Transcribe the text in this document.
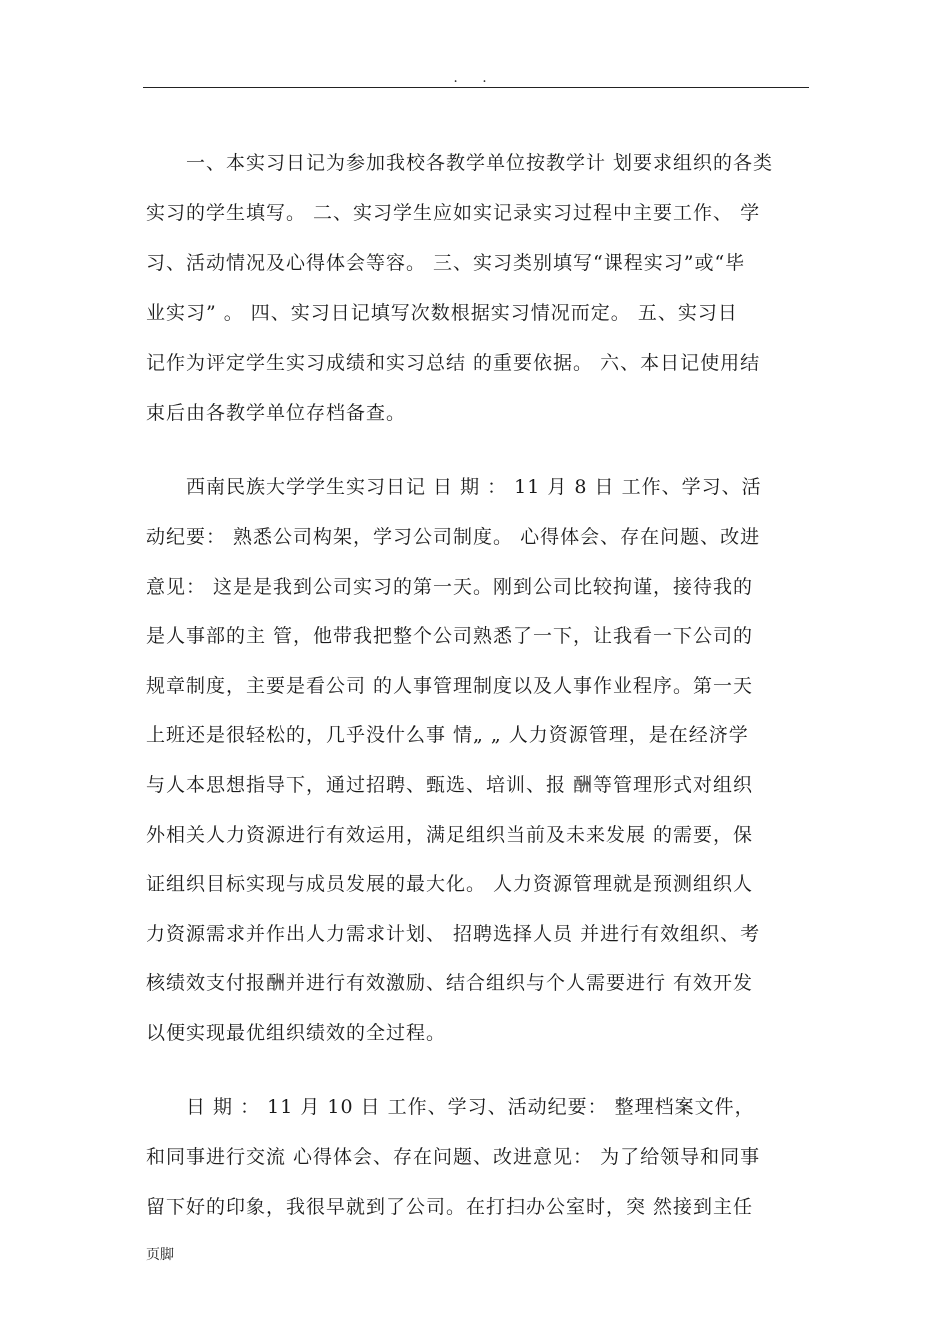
. .
　　一、本实习日记为参加我校各教学单位按教学计 划要求组织的各类
实习的学生填写。 二、实习学生应如实记录实习过程中主要工作、 学
习、活动情况及心得体会等容。 三、实习类别填写“课程实习”或“毕
业实习” 。 四、实习日记填写次数根据实习情况而定。 五、实习日
记作为评定学生实习成绩和实习总结 的重要依据。 六、本日记使用结
束后由各教学单位存档备查。
　　西南民族大学学生实习日记 日 期 ： 11 月 8 日 工作、学习、活
动纪要： 熟悉公司构架，学习公司制度。 心得体会、存在问题、改进
意见： 这是是我到公司实习的第一天。刚到公司比较拘谨，接待我的
是人事部的主 管，他带我把整个公司熟悉了一下，让我看一下公司的
规章制度，主要是看公司 的人事管理制度以及人事作业程序。第一天
上班还是很轻松的，几乎没什么事 情„ „ 人力资源管理，是在经济学
与人本思想指导下，通过招聘、甄选、培训、报 酬等管理形式对组织
外相关人力资源进行有效运用，满足组织当前及未来发展 的需要，保
证组织目标实现与成员发展的最大化。 人力资源管理就是预测组织人
力资源需求并作出人力需求计划、 招聘选择人员 并进行有效组织、考
核绩效支付报酬并进行有效激励、结合组织与个人需要进行 有效开发
以便实现最优组织绩效的全过程。
　　日 期 ： 11 月 10 日 工作、学习、活动纪要： 整理档案文件，
和同事进行交流 心得体会、存在问题、改进意见： 为了给领导和同事
留下好的印象，我很早就到了公司。在打扫办公室时，突 然接到主任
页脚
